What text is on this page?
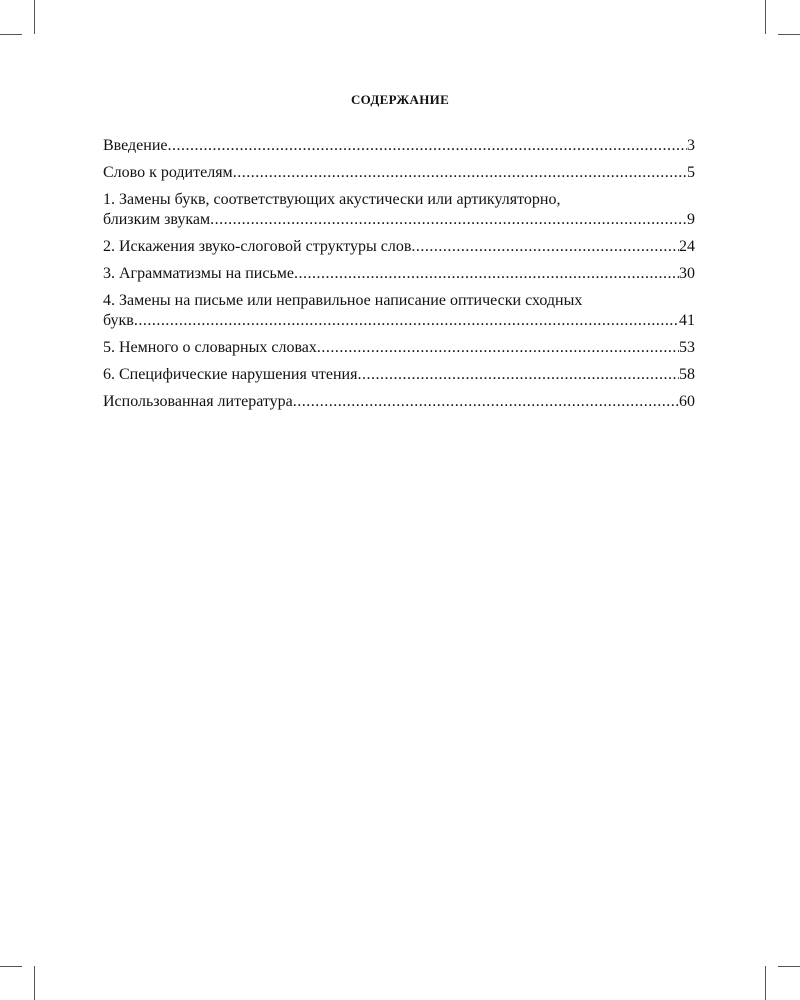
СОДЕРЖАНИЕ
Введение .....	3
Слово к родителям .....	5
1. Замены букв, соответствующих акустически или артикуляторно,
близким звукам .....	9
2. Искажения звуко-слоговой структуры слов .....	24
3. Аграмматизмы на письме .....	30
4. Замены на письме или неправильное написание оптически сходных
букв .....	41
5. Немного о словарных словах .....	53
6. Специфические нарушения чтения .....	58
Использованная литература .....	60
